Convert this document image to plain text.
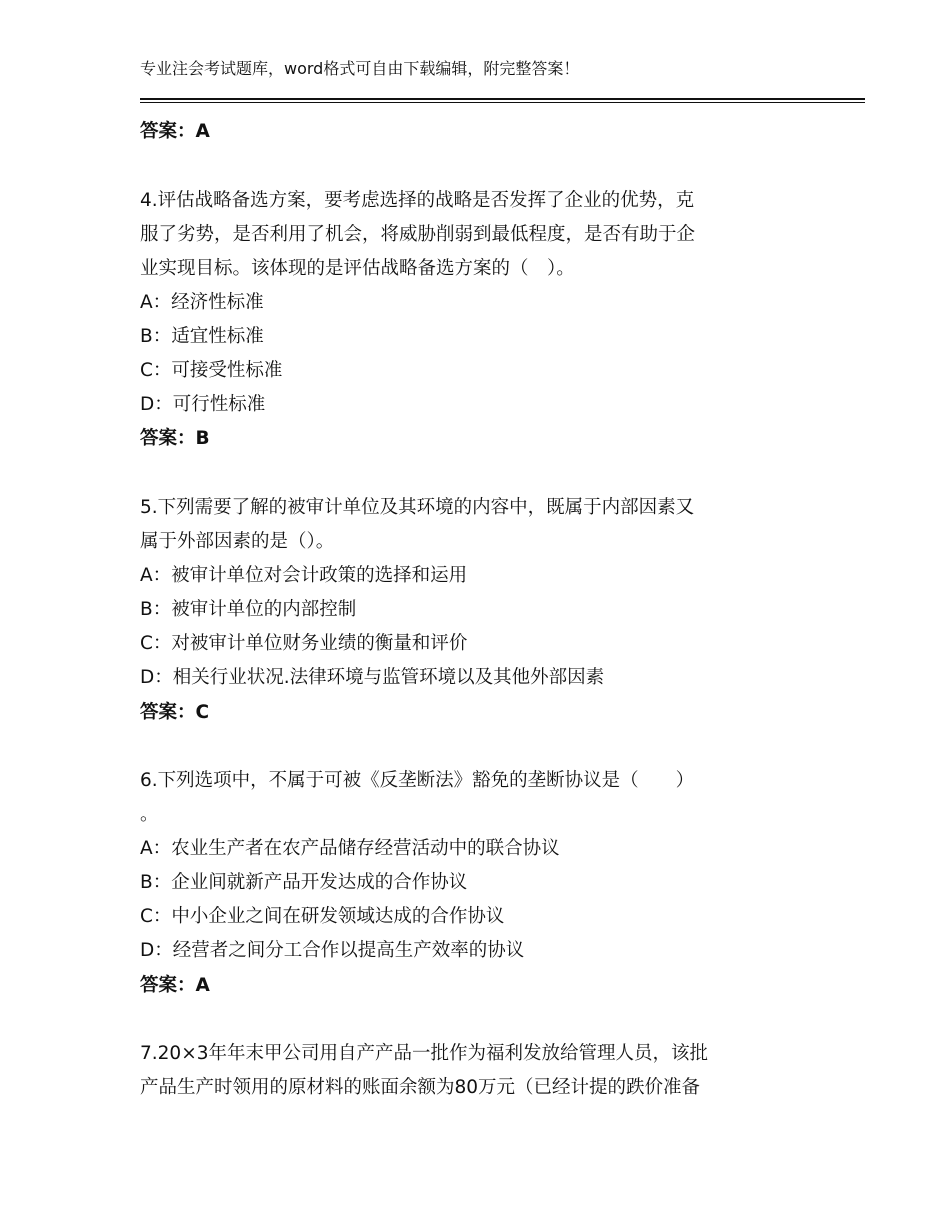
专业注会考试题库，word格式可自由下载编辑，附完整答案！
答案：A
4.评估战略备选方案，要考虑选择的战略是否发挥了企业的优势，克
服了劣势，是否利用了机会，将威胁削弱到最低程度，是否有助于企
业实现目标。该体现的是评估战略备选方案的（　）。
A：经济性标准
B：适宜性标准
C：可接受性标准
D：可行性标准
答案：B
5.下列需要了解的被审计单位及其环境的内容中，既属于内部因素又
属于外部因素的是（）。
A：被审计单位对会计政策的选择和运用
B：被审计单位的内部控制
C：对被审计单位财务业绩的衡量和评价
D：相关行业状况.法律环境与监管环境以及其他外部因素
答案：C
6.下列选项中，不属于可被《反垄断法》豁免的垄断协议是（　　）
。
A：农业生产者在农产品储存经营活动中的联合协议
B：企业间就新产品开发达成的合作协议
C：中小企业之间在研发领域达成的合作协议
D：经营者之间分工合作以提高生产效率的协议
答案：A
7.20×3年年末甲公司用自产产品一批作为福利发放给管理人员，该批
产品生产时领用的原材料的账面余额为80万元（已经计提的跌价准备
